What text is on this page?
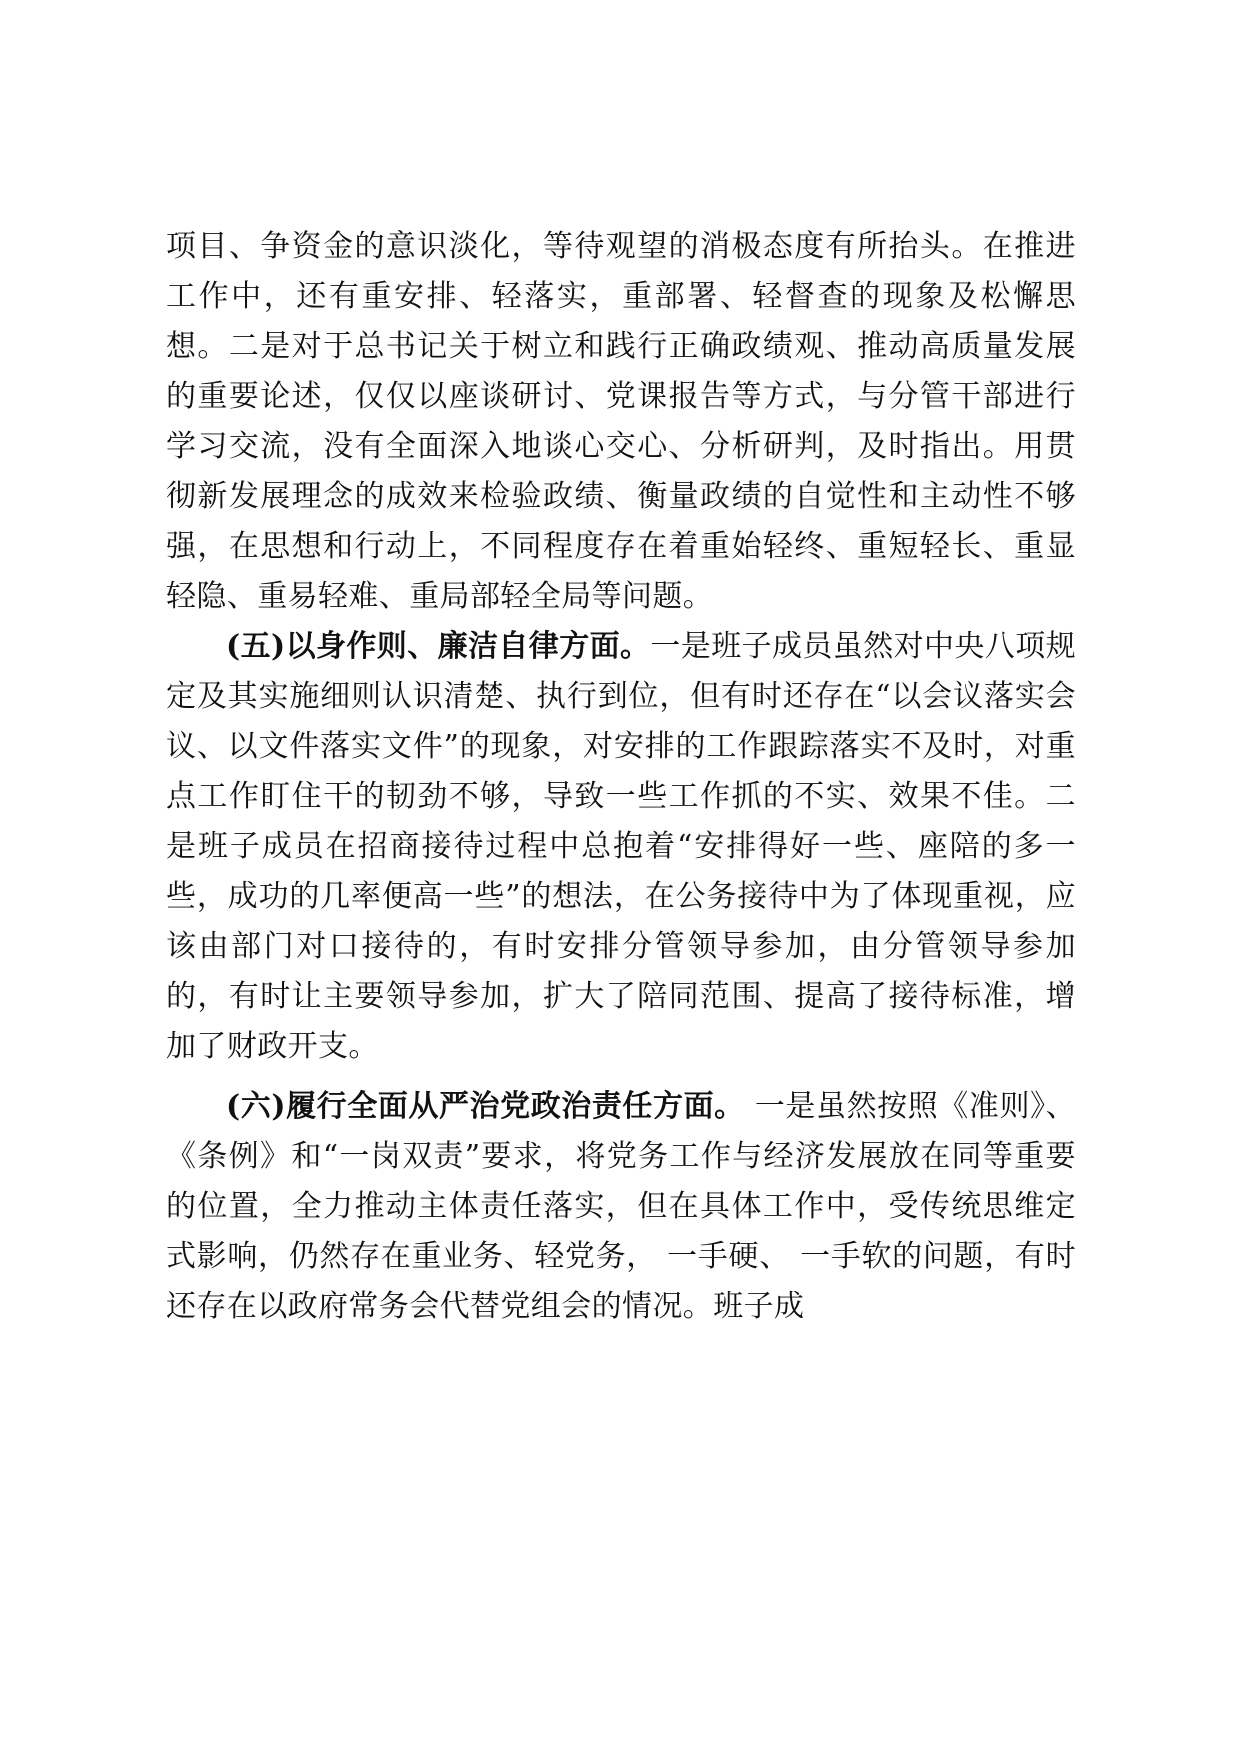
项目、争资金的意识淡化，等待观望的消极态度有所抬头。在推进工作中，还有重安排、轻落实，重部署、轻督查的现象及松懈思想。二是对于总书记关于树立和践行正确政绩观、推动高质量发展的重要论述，仅仅以座谈研讨、党课报告等方式，与分管干部进行学习交流，没有全面深入地谈心交心、分析研判，及时指出。用贯彻新发展理念的成效来检验政绩、衡量政绩的自觉性和主动性不够强，在思想和行动上，不同程度存在着重始轻终、重短轻长、重显轻隐、重易轻难、重局部轻全局等问题。

(五)以身作则、廉洁自律方面。一是班子成员虽然对中央八项规定及其实施细则认识清楚、执行到位，但有时还存在“以会议落实会议、以文件落实文件”的现象，对安排的工作跟踪落实不及时，对重点工作盯住干的韧劲不够，导致一些工作抓的不实、效果不佳。二是班子成员在招商接待过程中总抱着“安排得好一些、座陪的多一些，成功的几率便高一些”的想法，在公务接待中为了体现重视，应该由部门对口接待的，有时安排分管领导参加，由分管领导参加的，有时让主要领导参加，扩大了陪同范围、提高了接待标准，增加了财政开支。

(六)履行全面从严治党政治责任方面。 一是虽然按照《准则》、《条例》和“一岗双责”要求，将党务工作与经济发展放在同等重要的位置，全力推动主体责任落实，但在具体工作中，受传统思维定式影响，仍然存在重业务、轻党务， 一手硬、 一手软的问题，有时还存在以政府常务会代替党组会的情况。班子成
